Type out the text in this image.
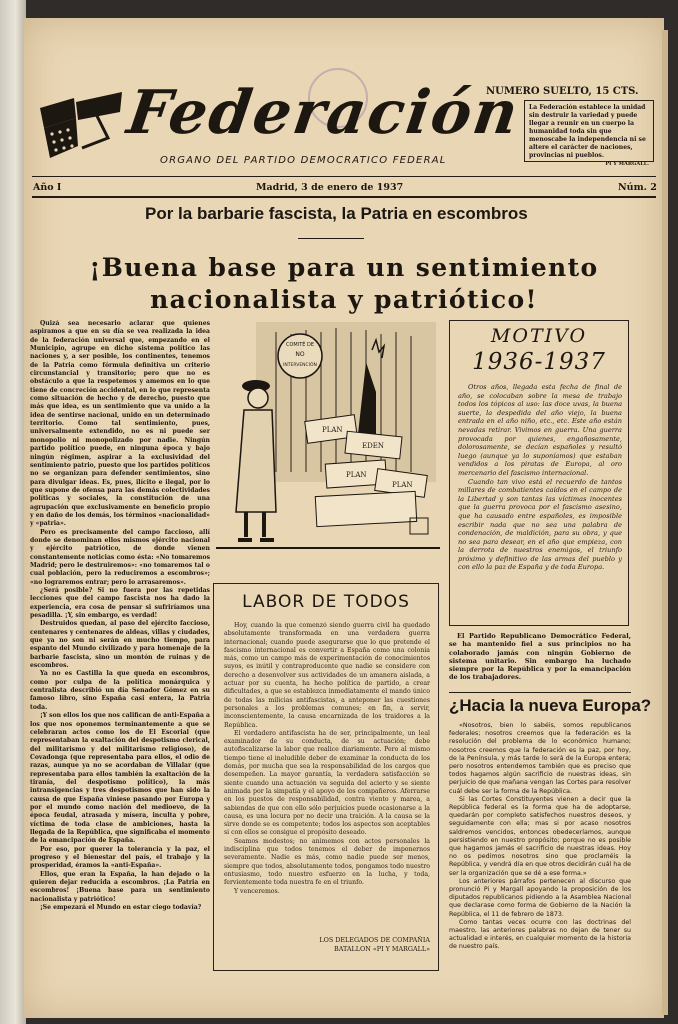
Federación
ORGANO DEL PARTIDO DEMOCRATICO FEDERAL
NUMERO SUELTO, 15 CTS.
La Federación establece la unidad sin destruir la variedad y puede llegar a reunir en un cuerpo la humanidad toda sin que menoscabe la independencia ni se altere el carácter de naciones, provincias ni pueblos.
PI Y MARGALL.
Año I	Madrid, 3 de enero de 1937	Núm. 2
Por la barbarie fascista, la Patria en escombros
¡Buena base para un sentimiento
nacionalista y patriótico!

Quizá sea necesario aclarar que quienes aspiramos a que en su día se vea realizada la idea de la federación universal que, empezando en el Municipio, agrupe en dicho sistema político las naciones y, a ser posible, los continentes, tenemos de la Patria como fórmula definitiva un criterio circunstancial y transitorio; pero que no es obstáculo a que la respetemos y amemos en lo que tiene de concreción accidental, en lo que representa como situación de hecho y de derecho, puesto que más que idea, es un sentimiento que va unido a la idea de sentirse nacional, unido en un determinado territorio. Como tal sentimiento, pues, universalmente extendido, no es ni puede ser monopolio ni monopolizado por nadie. Ningún partido político puede, en ninguna época y bajo ningún régimen, aspirar a la exclusividad del sentimiento patrio, puesto que los partidos políticos no se organizan para defender sentimientos, sino para divulgar ideas. Es, pues, ilícito e ilegal, por lo que supone de ofensa para las demás colectividades políticas y sociales, la constitución de una agrupación que exclusivamente en beneficio propio y en daño de los demás, los términos «nacionalidad» y «patria».

Pero es precisamente del campo faccioso, allí donde se denominan ellos mismos ejército nacional y ejército patriótico, de donde vienen constantemente noticias como ésta: «No tomaremos Madrid; pero le destruiremos»: «no tomaremos tal o cual población, pero la reduciremos a escombros»; «no lograremos entrar; pero lo arrasaremos».

¿Será posible? Si no fuera por las repetidas lecciones que del campo fascista nos ha dado la experiencia, era cosa de pensar si sufriríamos una pesadilla. ¡Y, sin embargo, es verdad!

Destruidos quedan, al paso del ejército faccioso, centenares y centenares de aldeas, villas y ciudades, que ya no son ni serán en mucho tiempo, para espanto del Mundo civilizado y para homenaje de la barbarie fascista, sino un montón de ruinas y de escombros.

Ya no es Castilla la que queda en escombros, como por culpa de la política monárquica y centralista describió un día Senador Gómez en su famoso libro, sino España casi entera, la Patria toda.

¡Y son ellos los que nos califican de anti-España a los que nos oponemos terminantemente a que se celebraran actos como los de El Escorial (que representaban la exaltación del despotismo clerical, del militarismo y del militarismo religioso), de Covadonga (que representaba para ellos, el odio de razas, aunque ya no se acordaban de Villalar (que representaba para ellos también la exaltación de la tiranía, del despotismo político), la más intransigencias y tres despotismos que han sido la causa de que España viniese pasando por Europa y por el mundo como nación del medioevo, de la época feudal, atrasada y mísera, inculta y pobre, víctima de toda clase de ambiciones, hasta la llegada de la República, que significaba el momento de la emancipación de España.

Por eso, por querer la tolerancia y la paz, el progreso y el bienestar del país, el trabajo y la prosperidad, éramos la «anti-España».

Ellos, que eran la España, la han dejado o la quieren dejar reducida a escombros. ¡La Patria en escombros! ¡Buena base para un sentimiento nacionalista y patriótico!

¡Se empezará el Mundo en estar ciego todavía?

COMITÉ DE
NO
INTERVENCIÓN
PLAN
EDEN
PLAN
PLAN
LABOR DE TODOS

Hoy, cuando la que comenzó siendo guerra civil ha quedado absolutamente transformada en una verdadera guerra internacional; cuando puede asegurarse que lo que pretende el fascismo internacional es convertir a España como una colonia más, como un campo más de experimentación de conocimientos suyos, es inútil y contraproducente que nadie se considere con derecho a desenvolver sus actividades de un amanera aislada, a actuar por su cuenta, ha hecho política de partido, a crear dificultades, a que se establezca inmediatamente el mando único de todas las milicias antifascistas, a anteponer las cuestiones personales a los problemas comunes; en fin, a servir, inconscientemente, la causa encarnizada de los traidores a la República.

El verdadero antifascista ha de ser, principalmente, un leal examinador de su conducta, de su actuación; debe autofiscalizarse la labor que realice diariamente. Pero al mismo tiempo tiene el ineludible deber de examinar la conducta de los demás, por mucha que sea la responsabilidad de los cargos que desempeñen. La mayor garantía, la verdadera satisfacción se siente cuando una actuación va seguida del acierto y se siente animada por la simpatía y el apoyo de los compañeros. Aferrarse en los puestos de responsabilidad, contra viento y marea, a sabiendas de que con ello sólo perjuicios puede ocasionarse a la causa, es una locura por no decir una traición. A la causa se la sirve donde se es competente; todos los aspectos son aceptables si con ellos se consigue el propósito deseado.

Seamos modestos; no animemos con actos personales la indisciplina que todos tenemos el deber de imponernos severamente. Nadie es más, como nadie puede ser menos, siempre que todos, absolutamente todos, pongamos todo nuestro entusiasmo, todo nuestro esfuerzo en la lucha, y toda, fervientemente toda nuestra fe en el triunfo.

Y venceremos.

LOS DELEGADOS DE COMPAÑIA
BATALLON «PI Y MARGALL»
MOTIVO
1936-1937

Otros años, llegada esta fecha de final de año, se colocaban sobre la mesa de trabajo todos los tópicos al uso: las doce uvas, la buena suerte, la despedida del año viejo, la buena entrada en el año niño, etc., etc. Este año están nevadas retirar. Vivimos en guerra. Una guerra provocada por quienes, engañosamente, dolorosamente, se decían españoles y resultó luego (aunque ya lo suponíamos) que estaban vendidos a los piratas de Europa, al oro mercenario del fascismo internacional.

Cuando tan vivo está el recuerdo de tantos millares de combatientes caídos en el campo de la Libertad y son tantas las víctimas inocentes que la guerra provoca por el fascismo asesino, que ha causado entre españoles, es imposible escribir nada que no sea una palabra de condenación, de maldición, para su obra, y que no sea para desear, en el año que empieza, con la derrota de nuestros enemigos, el triunfo próximo y definitivo de las armas del pueblo y con ello la paz de España y de toda Europa.

El Partido Republicano Democrático Federal, se ha mantenido fiel a sus principios no ha colaborado jamás con ningún Gobierno de sistema unitario. Sin embargo ha luchado siempre por la República y por la emancipación de los trabajadores.
¿Hacia la nueva Europa?

«Nosotros, bien lo sabéis, somos republicanos federales; nosotros creemos que la federación es la resolución del problema de lo económico humano; nosotros creemos que la federación es la paz, por hoy, de la Península, y más tarde lo será de la Europa entera; pero nosotros entendemos también que es preciso que todos hagamos algún sacrificio de nuestras ideas, sin perjuicio de que mañana vengan las Cortes para resolver cuál debe ser la forma de la República.

Si las Cortes Constituyentes vienen a decir que la República federal es la forma que ha de adoptarse, quedarán por completo satisfechos nuestros deseos, y seguidamente con ella; mas si por acaso nosotros saldremos vencidos, entonces obedeceríamos, aunque persistiendo en nuestro propósito; porque no es posible que hagamos jamás el sacrificio de nuestras ideas. Hoy no os pedimos nosotros sino que proclaméis la República, y vendrá día en que otros decidirán cuál ha de ser la organización que se dé a ese forma.»

Los anteriores párrafos pertenecen al discurso que pronunció Pi y Margall apoyando la proposición de los diputados republicanos pidiendo a la Asamblea Nacional que declarase como forma de Gobierno de la Nación la República, el 11 de febrero de 1873.

Como tantas veces ocurre con las doctrinas del maestro, las anteriores palabras no dejan de tener su actualidad e interés, en cualquier momento de la historia de nuestro país.
